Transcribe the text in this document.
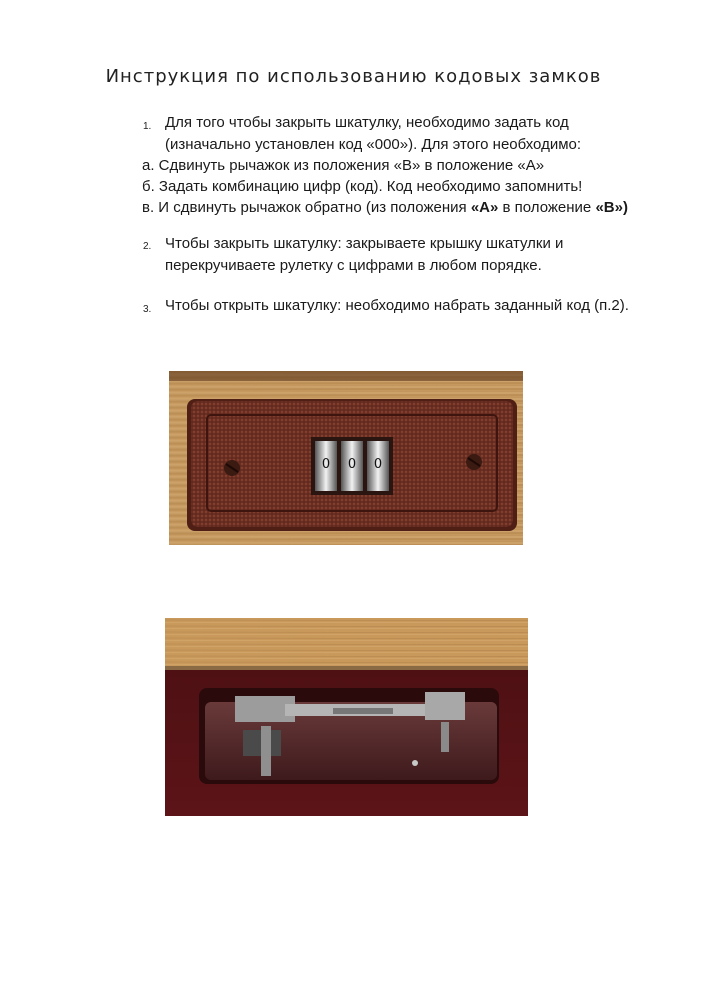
Инструкция по использованию кодовых замков
1. Для того чтобы закрыть шкатулку, необходимо задать код
(изначально установлен код «000»). Для этого необходимо:
а. Сдвинуть рычажок из положения «В» в положение «А»
б. Задать комбинацию цифр (код). Код необходимо запомнить!
в. И сдвинуть рычажок обратно (из положения «А» в положение «В»)
2. Чтобы закрыть шкатулку: закрываете крышку шкатулки и
перекручиваете рулетку с цифрами в любом порядке.
3. Чтобы открыть шкатулку: необходимо набрать заданный код (п.2).
0 0 0
